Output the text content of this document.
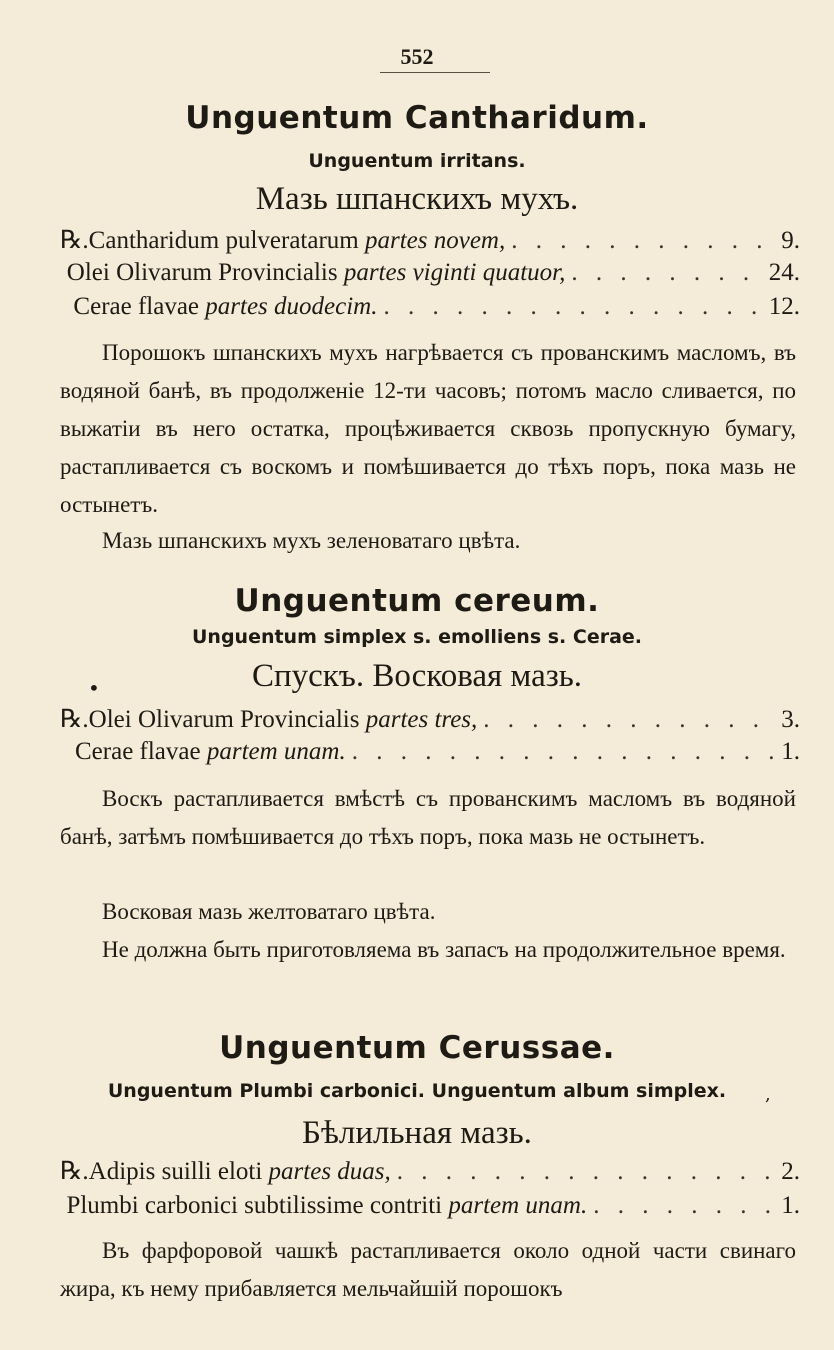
552
Unguentum Cantharidum.
Unguentum irritans.
Мазь шпанскихъ мухъ.
℞. Cantharidum pulveratarum partes novem, . . .	9.
Olei Olivarum Provincialis partes viginti quatuor, . . .	24.
Cerae flavae partes duodecim. . . .	12.
Порошокъ шпанскихъ мухъ нагрѣвается съ прованскимъ масломъ, въ водяной банѣ, въ продолженіе 12-ти часовъ; потомъ масло сливается, по выжатіи въ него остатка, процѣживается сквозь пропускную бумагу, растапливается съ воскомъ и помѣшивается до тѣхъ поръ, пока мазь не остынетъ.
Мазь шпанскихъ мухъ зеленоватаго цвѣта.
Unguentum cereum.
Unguentum simplex s. emolliens s. Cerae.
•	Спускъ. Восковая мазь.
℞. Olei Olivarum Provincialis partes tres, . . .	3.
Cerae flavae partem unam. . . .	1.
Воскъ растапливается вмѣстѣ съ прованскимъ масломъ въ водяной банѣ, затѣмъ помѣшивается до тѣхъ поръ, пока мазь не остынетъ.
Восковая мазь желтоватаго цвѣта.
Не должна быть приготовляема въ запасъ на продолжительное время.
Unguentum Cerussae.
Unguentum Plumbi carbonici. Unguentum album simplex.	,
Бѣлильная мазь.
℞. Adipis suilli eloti partes duas, . . .	2.
Plumbi carbonici subtilissime contriti partem unam. . . .	1.
Въ фарфоровой чашкѣ растапливается около одной части свинаго жира, къ нему прибавляется мельчайшій порошокъ
